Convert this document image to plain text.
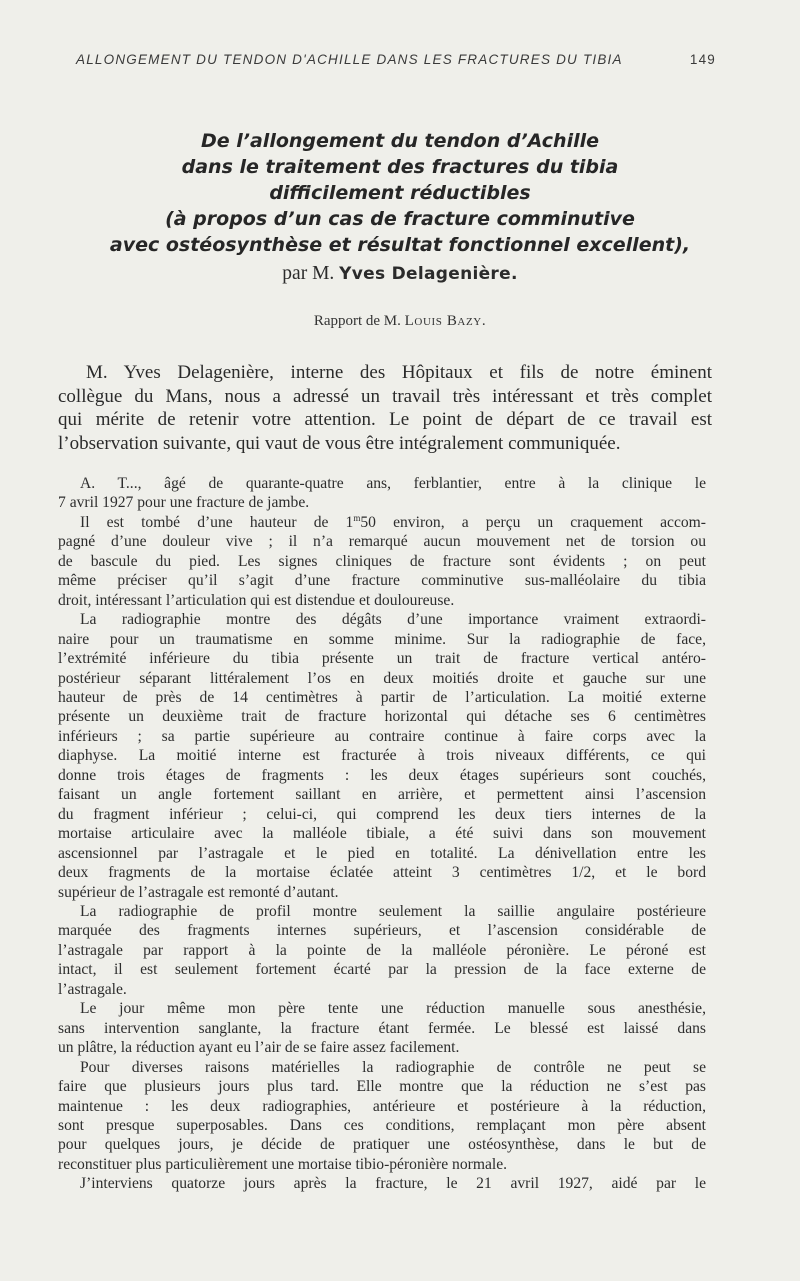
ALLONGEMENT DU TENDON D'ACHILLE DANS LES FRACTURES DU TIBIA	149
De l’allongement du tendon d’Achille
dans le traitement des fractures du tibia
difficilement réductibles
(à propos d’un cas de fracture comminutive
avec ostéosynthèse et résultat fonctionnel excellent),
par M. Yves Delagenière.
Rapport de M. Louis Bazy.
M. Yves Delagenière, interne des Hôpitaux et fils de notre éminent
collègue du Mans, nous a adressé un travail très intéressant et très complet
qui mérite de retenir votre attention. Le point de départ de ce travail est
l’observation suivante, qui vaut de vous être intégralement communiquée.

A. T..., âgé de quarante-quatre ans, ferblantier, entre à la clinique le
7 avril 1927 pour une fracture de jambe.

Il est tombé d’une hauteur de 1$^m$50 environ, a perçu un craquement accom-
pagné d’une douleur vive ; il n’a remarqué aucun mouvement net de torsion ou
de bascule du pied. Les signes cliniques de fracture sont évidents ; on peut
même préciser qu’il s’agit d’une fracture comminutive sus-malléolaire du tibia
droit, intéressant l’articulation qui est distendue et douloureuse.

La radiographie montre des dégâts d’une importance vraiment extraordi-
naire pour un traumatisme en somme minime. Sur la radiographie de face,
l’extrémité inférieure du tibia présente un trait de fracture vertical antéro-
postérieur séparant littéralement l’os en deux moitiés droite et gauche sur une
hauteur de près de 14 centimètres à partir de l’articulation. La moitié externe
présente un deuxième trait de fracture horizontal qui détache ses 6 centimètres
inférieurs ; sa partie supérieure au contraire continue à faire corps avec la
diaphyse. La moitié interne est fracturée à trois niveaux différents, ce qui
donne trois étages de fragments : les deux étages supérieurs sont couchés,
faisant un angle fortement saillant en arrière, et permettent ainsi l’ascension
du fragment inférieur ; celui-ci, qui comprend les deux tiers internes de la
mortaise articulaire avec la malléole tibiale, a été suivi dans son mouvement
ascensionnel par l’astragale et le pied en totalité. La dénivellation entre les
deux fragments de la mortaise éclatée atteint 3 centimètres 1/2, et le bord
supérieur de l’astragale est remonté d’autant.

La radiographie de profil montre seulement la saillie angulaire postérieure
marquée des fragments internes supérieurs, et l’ascension considérable de
l’astragale par rapport à la pointe de la malléole péronière. Le péroné est
intact, il est seulement fortement écarté par la pression de la face externe de
l’astragale.

Le jour même mon père tente une réduction manuelle sous anesthésie,
sans intervention sanglante, la fracture étant fermée. Le blessé est laissé dans
un plâtre, la réduction ayant eu l’air de se faire assez facilement.

Pour diverses raisons matérielles la radiographie de contrôle ne peut se
faire que plusieurs jours plus tard. Elle montre que la réduction ne s’est pas
maintenue : les deux radiographies, antérieure et postérieure à la réduction,
sont presque superposables. Dans ces conditions, remplaçant mon père absent
pour quelques jours, je décide de pratiquer une ostéosynthèse, dans le but de
reconstituer plus particulièrement une mortaise tibio-péronière normale.

J’interviens quatorze jours après la fracture, le 21 avril 1927, aidé par le
